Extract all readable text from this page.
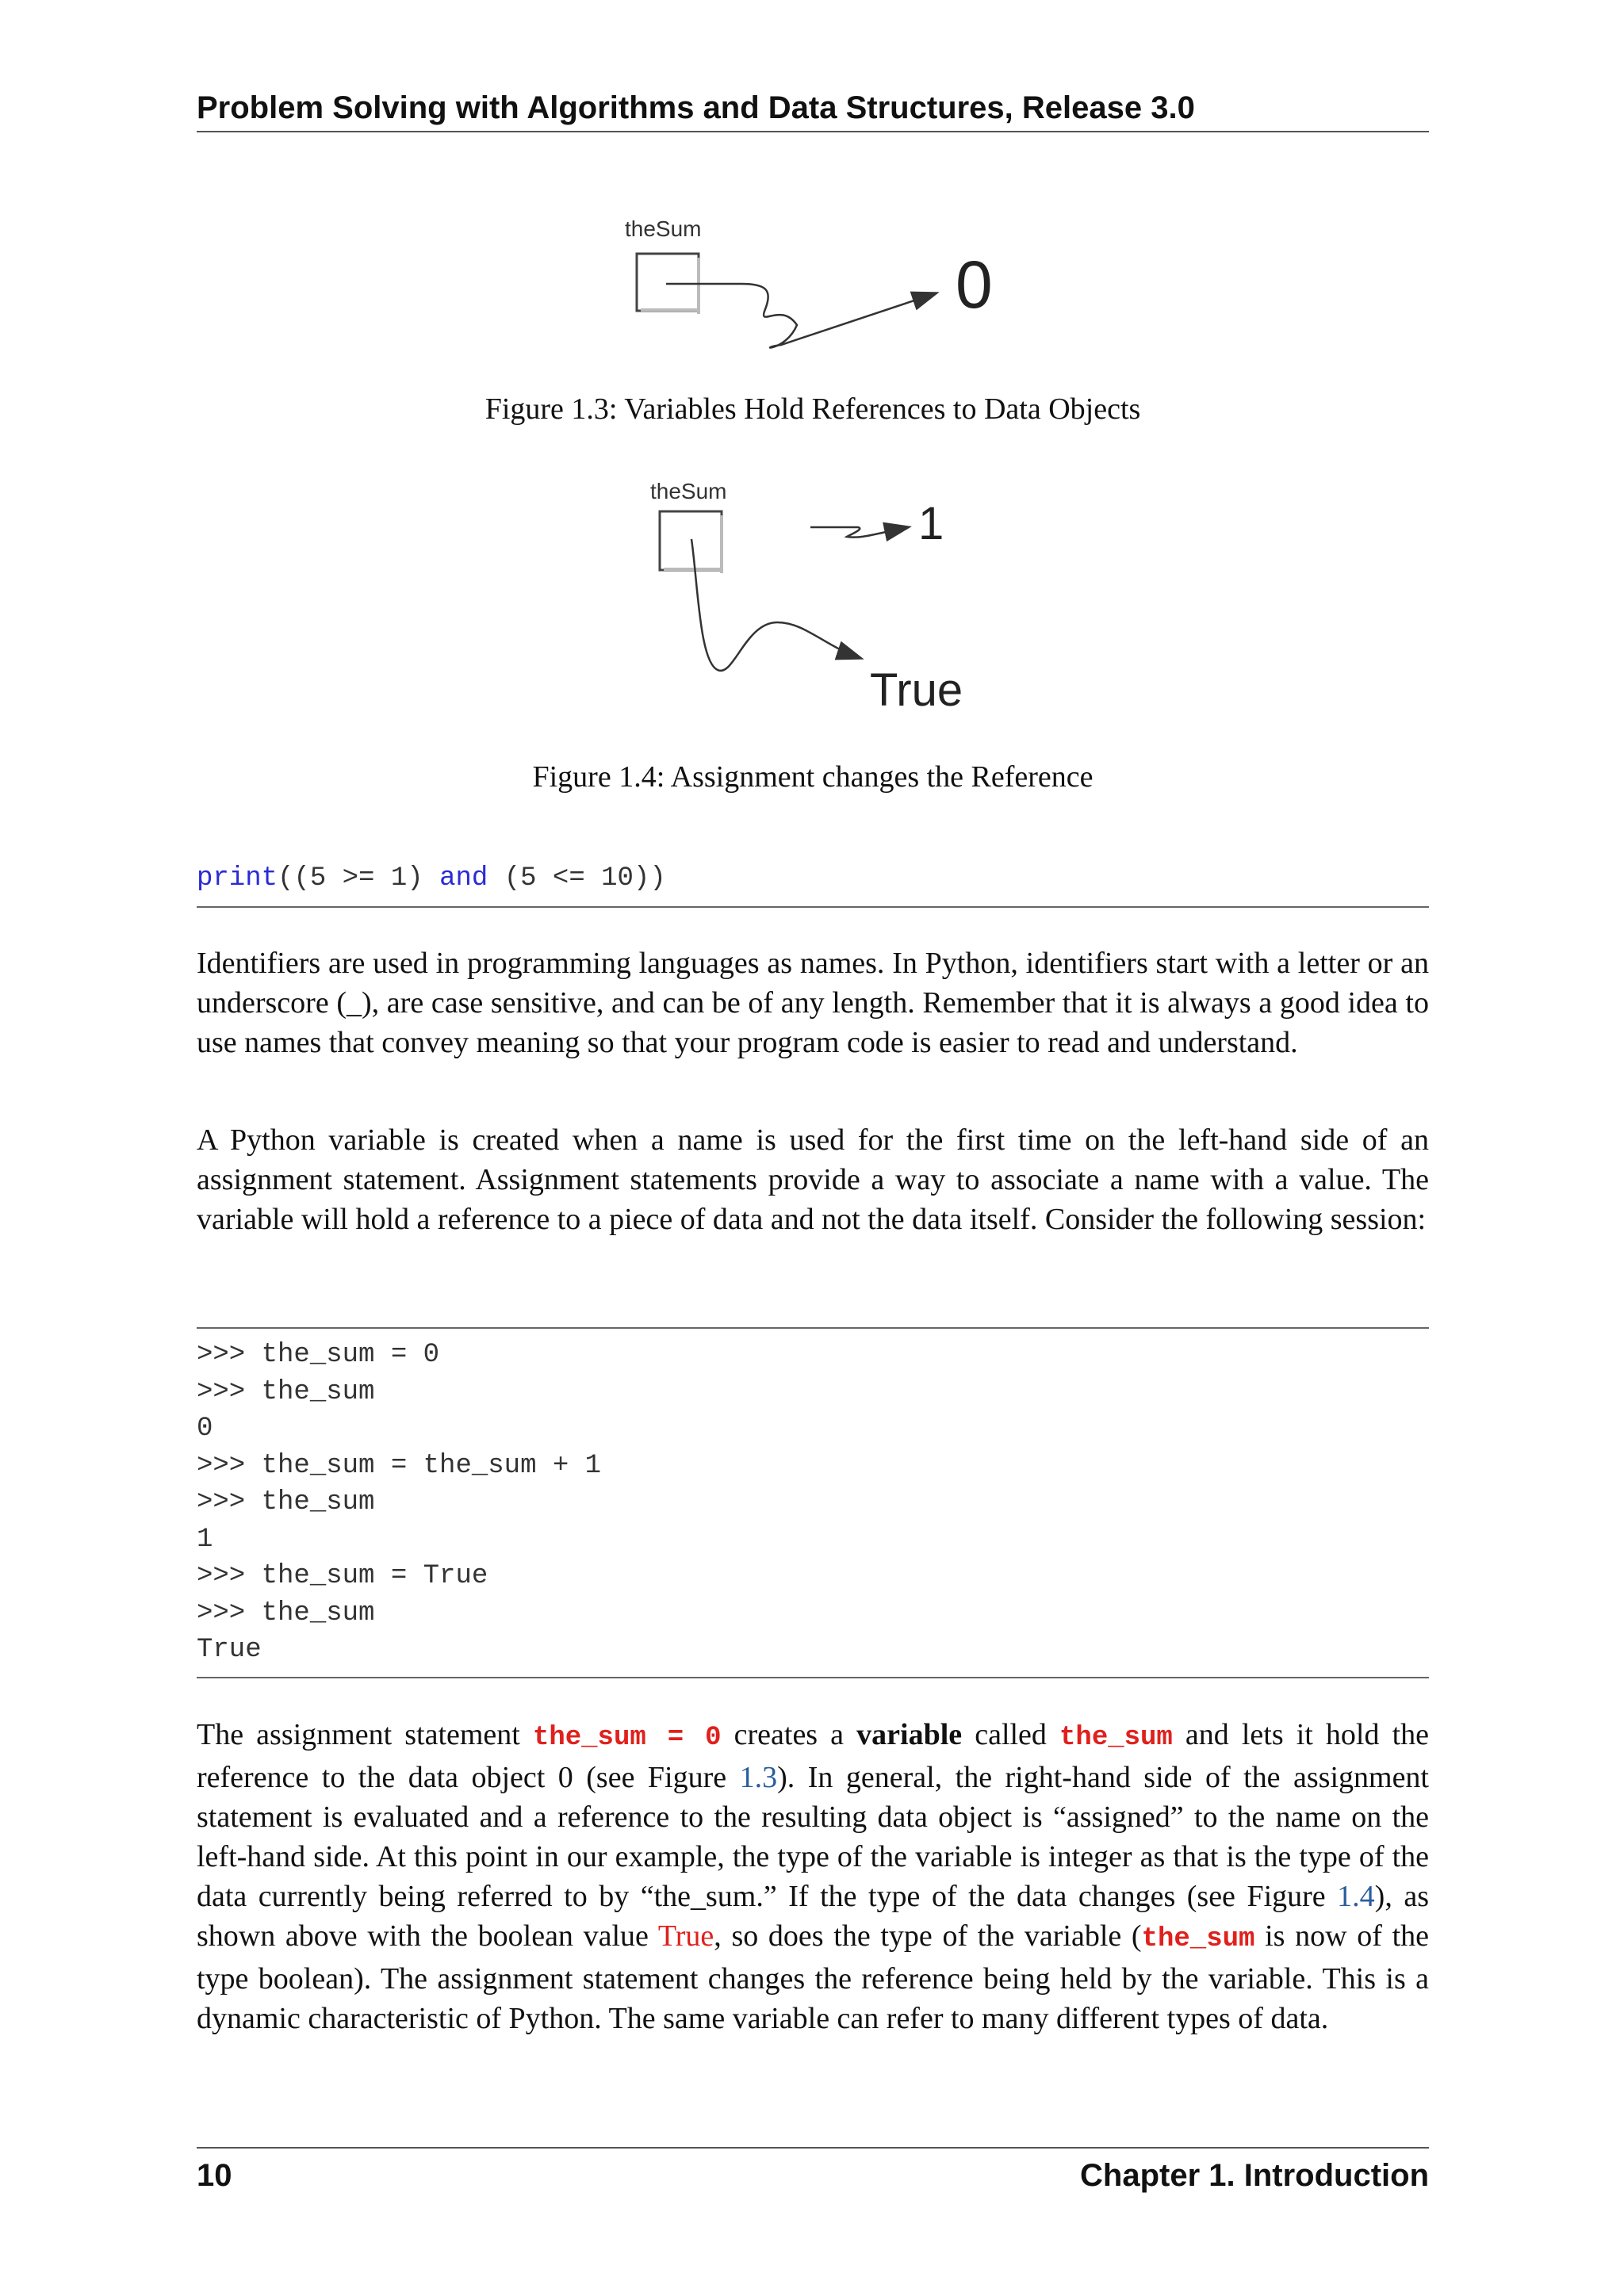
Problem Solving with Algorithms and Data Structures, Release 3.0
theSum
0
Figure 1.3: Variables Hold References to Data Objects
theSum
1
True
Figure 1.4: Assignment changes the Reference
print((5 >= 1) and (5 <= 10))

Identifiers are used in programming languages as names. In Python, identifiers start with a letter or an underscore (_), are case sensitive, and can be of any length. Remember that it is always a good idea to use names that convey meaning so that your program code is easier to read and understand.

A Python variable is created when a name is used for the first time on the left-hand side of an assignment statement. Assignment statements provide a way to associate a name with a value. The variable will hold a reference to a piece of data and not the data itself. Consider the following session:

>>> the_sum = 0
>>> the_sum
0
>>> the_sum = the_sum + 1
>>> the_sum
1
>>> the_sum = True
>>> the_sum
True

The assignment statement the_sum = 0 creates a variable called the_sum and lets it hold the reference to the data object 0 (see Figure 1.3). In general, the right-hand side of the assignment statement is evaluated and a reference to the resulting data object is “assigned” to the name on the left-hand side. At this point in our example, the type of the variable is integer as that is the type of the data currently being referred to by “the_sum.” If the type of the data changes (see Figure 1.4), as shown above with the boolean value True, so does the type of the variable (the_sum is now of the type boolean). The assignment statement changes the reference being held by the variable. This is a dynamic characteristic of Python. The same variable can refer to many different types of data.

10	Chapter 1. Introduction
